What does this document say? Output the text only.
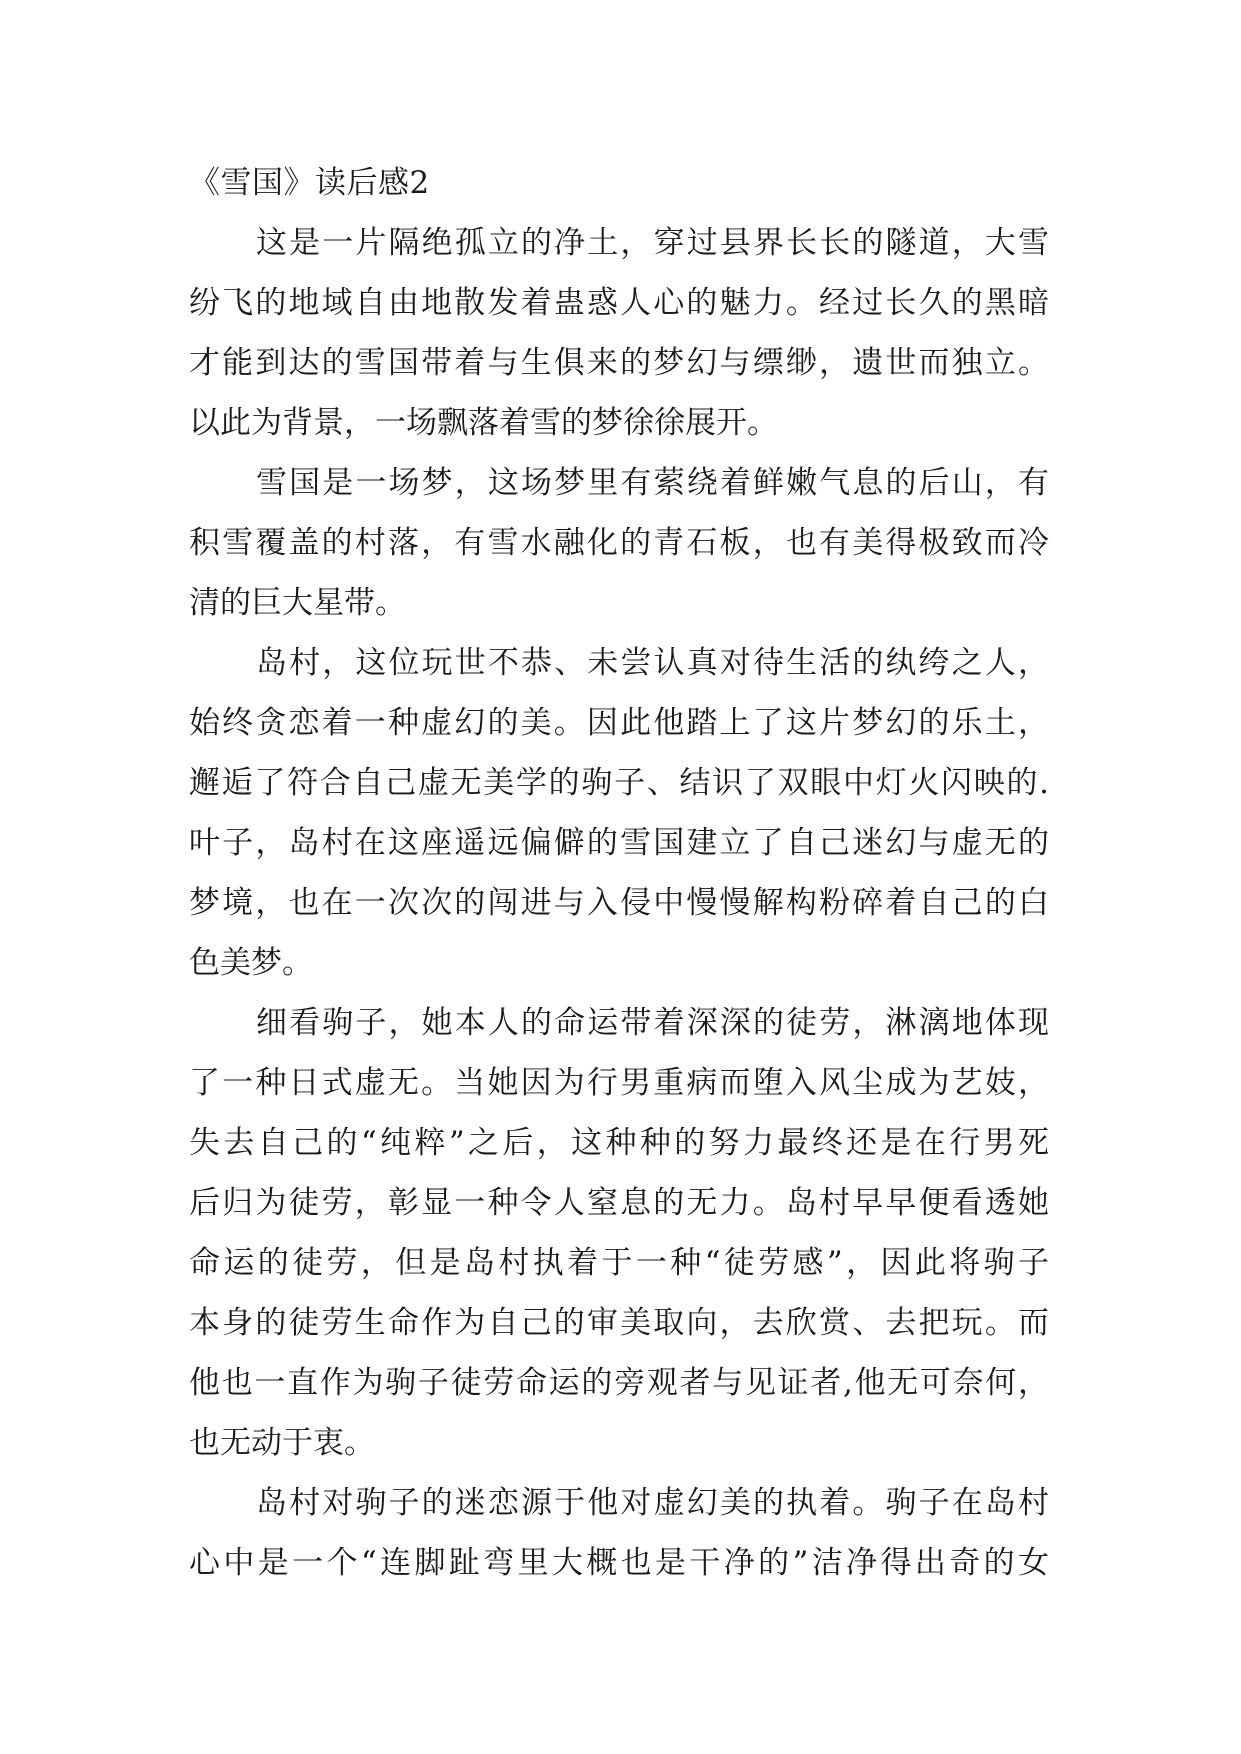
《雪国》读后感2
这是一片隔绝孤立的净土，穿过县界长长的隧道，大雪
纷飞的地域自由地散发着蛊惑人心的魅力。经过长久的黑暗
才能到达的雪国带着与生俱来的梦幻与缥缈，遗世而独立。
以此为背景，一场飘落着雪的梦徐徐展开。
雪国是一场梦，这场梦里有萦绕着鲜嫩气息的后山，有
积雪覆盖的村落，有雪水融化的青石板，也有美得极致而冷
清的巨大星带。
岛村，这位玩世不恭、未尝认真对待生活的纨绔之人，
始终贪恋着一种虚幻的美。因此他踏上了这片梦幻的乐土，
邂逅了符合自己虚无美学的驹子、结识了双眼中灯火闪映的.
叶子，岛村在这座遥远偏僻的雪国建立了自己迷幻与虚无的
梦境，也在一次次的闯进与入侵中慢慢解构粉碎着自己的白
色美梦。
细看驹子，她本人的命运带着深深的徒劳，淋漓地体现
了一种日式虚无。当她因为行男重病而堕入风尘成为艺妓，
失去自己的“纯粹”之后，这种种的努力最终还是在行男死
后归为徒劳，彰显一种令人窒息的无力。岛村早早便看透她
命运的徒劳，但是岛村执着于一种“徒劳感”，因此将驹子
本身的徒劳生命作为自己的审美取向，去欣赏、去把玩。而
他也一直作为驹子徒劳命运的旁观者与见证者,他无可奈何，
也无动于衷。
岛村对驹子的迷恋源于他对虚幻美的执着。驹子在岛村
心中是一个“连脚趾弯里大概也是干净的”洁净得出奇的女
